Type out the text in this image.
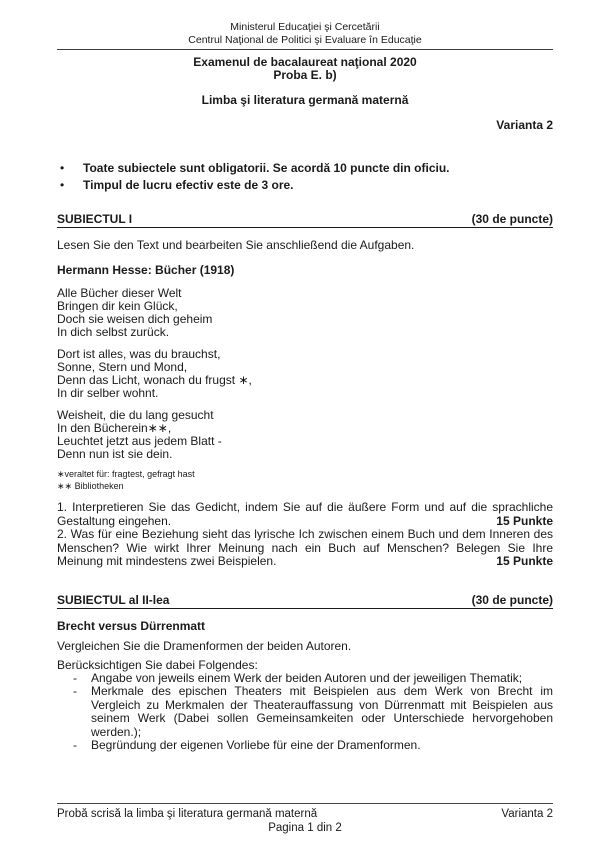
Ministerul Educaţiei şi Cercetării
Centrul Naţional de Politici şi Evaluare în Educaţie
Examenul de bacalaureat naţional 2020
Proba E. b)
Limba şi literatura germană maternă
Varianta 2
• Toate subiectele sunt obligatorii. Se acordă 10 puncte din oficiu.
• Timpul de lucru efectiv este de 3 ore.
SUBIECTUL I	(30 de puncte)
Lesen Sie den Text und bearbeiten Sie anschließend die Aufgaben.
Hermann Hesse: Bücher (1918)
Alle Bücher dieser Welt
Bringen dir kein Glück,
Doch sie weisen dich geheim
In dich selbst zurück.
Dort ist alles, was du brauchst,
Sonne, Stern und Mond,
Denn das Licht, wonach du frugst ∗,
In dir selber wohnt.
Weisheit, die du lang gesucht
In den Bücherein∗∗,
Leuchtet jetzt aus jedem Blatt -
Denn nun ist sie dein.
∗veraltet für: fragtest, gefragt hast
∗∗ Bibliotheken

1. Interpretieren Sie das Gedicht, indem Sie auf die äußere Form und auf die sprachliche Gestaltung eingehen.	15 Punkte

2. Was für eine Beziehung sieht das lyrische Ich zwischen einem Buch und dem Inneren des Menschen? Wie wirkt Ihrer Meinung nach ein Buch auf Menschen? Belegen Sie Ihre Meinung mit mindestens zwei Beispielen.	15 Punkte

SUBIECTUL al II-lea	(30 de puncte)
Brecht versus Dürrenmatt
Vergleichen Sie die Dramenformen der beiden Autoren.
Berücksichtigen Sie dabei Folgendes:
- Angabe von jeweils einem Werk der beiden Autoren und der jeweiligen Thematik;
- Merkmale des epischen Theaters mit Beispielen aus dem Werk von Brecht im Vergleich zu Merkmalen der Theaterauffassung von Dürrenmatt mit Beispielen aus seinem Werk (Dabei sollen Gemeinsamkeiten oder Unterschiede hervorgehoben werden.);
- Begründung der eigenen Vorliebe für eine der Dramenformen.
Probă scrisă la limba şi literatura germană maternă	Varianta 2
Pagina 1 din 2
